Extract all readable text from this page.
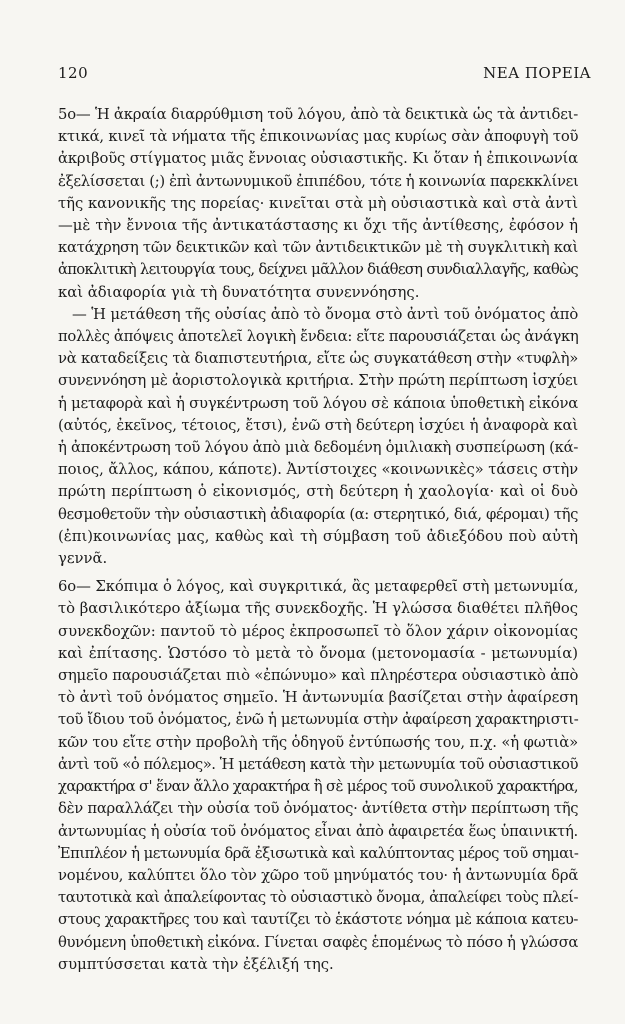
120	ΝΕΑ ΠΟΡΕΙΑ
5ο— Ἡ ἀκραία διαρρύθμιση τοῦ λόγου, ἀπὸ τὰ δεικτικὰ ὡς τὰ ἀντιδει-
κτικά, κινεῖ τὰ νήματα τῆς ἐπικοινωνίας μας κυρίως σὰν ἀποφυγὴ τοῦ
ἀκριβοῦς στίγματος μιᾶς ἔννοιας οὐσιαστικῆς. Κι ὅταν ἡ ἐπικοινωνία
ἐξελίσσεται (;) ἐπὶ ἀντωνυμικοῦ ἐπιπέδου, τότε ἡ κοινωνία παρεκκλίνει
τῆς κανονικῆς της πορείας· κινεῖται στὰ μὴ οὐσιαστικὰ καὶ στὰ ἀντὶ
—μὲ τὴν ἔννοια τῆς ἀντικατάστασης κι ὄχι τῆς ἀντίθεσης, ἐφόσον ἡ
κατάχρηση τῶν δεικτικῶν καὶ τῶν ἀντιδεικτικῶν μὲ τὴ συγκλιτικὴ καὶ
ἀποκλιτικὴ λειτουργία τους, δείχνει μᾶλλον διάθεση συνδιαλλαγῆς, καθὼς
καὶ ἀδιαφορία γιὰ τὴ δυνατότητα συνεννόησης.
— Ἡ μετάθεση τῆς οὐσίας ἀπὸ τὸ ὄνομα στὸ ἀντὶ τοῦ ὀνόματος ἀπὸ
πολλὲς ἀπόψεις ἀποτελεῖ λογικὴ ἔνδεια: εἴτε παρουσιάζεται ὡς ἀνάγκη
νὰ καταδείξεις τὰ διαπιστευτήρια, εἴτε ὡς συγκατάθεση στὴν «τυφλὴ»
συνεννόηση μὲ ἀοριστολογικὰ κριτήρια. Στὴν πρώτη περίπτωση ἰσχύει
ἡ μεταφορὰ καὶ ἡ συγκέντρωση τοῦ λόγου σὲ κάποια ὑποθετικὴ εἰκόνα
(αὐτός, ἐκεῖνος, τέτοιος, ἔτσι), ἐνῶ στὴ δεύτερη ἰσχύει ἡ ἀναφορὰ καὶ
ἡ ἀποκέντρωση τοῦ λόγου ἀπὸ μιὰ δεδομένη ὁμιλιακὴ συσπείρωση (κά-
ποιος, ἄλλος, κάπου, κάποτε). Ἀντίστοιχες «κοινωνικὲς» τάσεις στὴν
πρώτη περίπτωση ὁ εἰκονισμός, στὴ δεύτερη ἡ χαολογία· καὶ οἱ δυὸ
θεσμοθετοῦν τὴν οὐσιαστικὴ ἀδιαφορία (α: στερητικό, διά, φέρομαι) τῆς
(ἐπι)κοινωνίας μας, καθὼς καὶ τὴ σύμβαση τοῦ ἀδιεξόδου ποὺ αὐτὴ
γεννᾶ.
6ο— Σκόπιμα ὁ λόγος, καὶ συγκριτικά, ἂς μεταφερθεῖ στὴ μετωνυμία,
τὸ βασιλικότερο ἀξίωμα τῆς συνεκδοχῆς. Ἡ γλώσσα διαθέτει πλῆθος
συνεκδοχῶν: παντοῦ τὸ μέρος ἐκπροσωπεῖ τὸ ὅλον χάριν οἰκονομίας
καὶ ἐπίτασης. Ὡστόσο τὸ μετὰ τὸ ὄνομα (μετονομασία - μετωνυμία)
σημεῖο παρουσιάζεται πιὸ «ἐπώνυμο» καὶ πληρέστερα οὐσιαστικὸ ἀπὸ
τὸ ἀντὶ τοῦ ὀνόματος σημεῖο. Ἡ ἀντωνυμία βασίζεται στὴν ἀφαίρεση
τοῦ ἴδιου τοῦ ὀνόματος, ἐνῶ ἡ μετωνυμία στὴν ἀφαίρεση χαρακτηριστι-
κῶν του εἴτε στὴν προβολὴ τῆς ὁδηγοῦ ἐντύπωσής του, π.χ. «ἡ φωτιὰ»
ἀντὶ τοῦ «ὁ πόλεμος». Ἡ μετάθεση κατὰ τὴν μετωνυμία τοῦ οὐσιαστικοῦ
χαρακτήρα σ' ἕναν ἄλλο χαρακτήρα ἢ σὲ μέρος τοῦ συνολικοῦ χαρακτήρα,
δὲν παραλλάζει τὴν οὐσία τοῦ ὀνόματος· ἀντίθετα στὴν περίπτωση τῆς
ἀντωνυμίας ἡ οὐσία τοῦ ὀνόματος εἶναι ἀπὸ ἀφαιρετέα ἕως ὑπαινικτή.
Ἐπιπλέον ἡ μετωνυμία δρᾶ ἐξισωτικὰ καὶ καλύπτοντας μέρος τοῦ σημαι-
νομένου, καλύπτει ὅλο τὸν χῶρο τοῦ μηνύματός του· ἡ ἀντωνυμία δρᾶ
ταυτοτικὰ καὶ ἀπαλείφοντας τὸ οὐσιαστικὸ ὄνομα, ἀπαλείφει τοὺς πλεί-
στους χαρακτῆρες του καὶ ταυτίζει τὸ ἑκάστοτε νόημα μὲ κάποια κατευ-
θυνόμενη ὑποθετικὴ εἰκόνα. Γίνεται σαφὲς ἑπομένως τὸ πόσο ἡ γλώσσα
συμπτύσσεται κατὰ τὴν ἐξέλιξή της.
